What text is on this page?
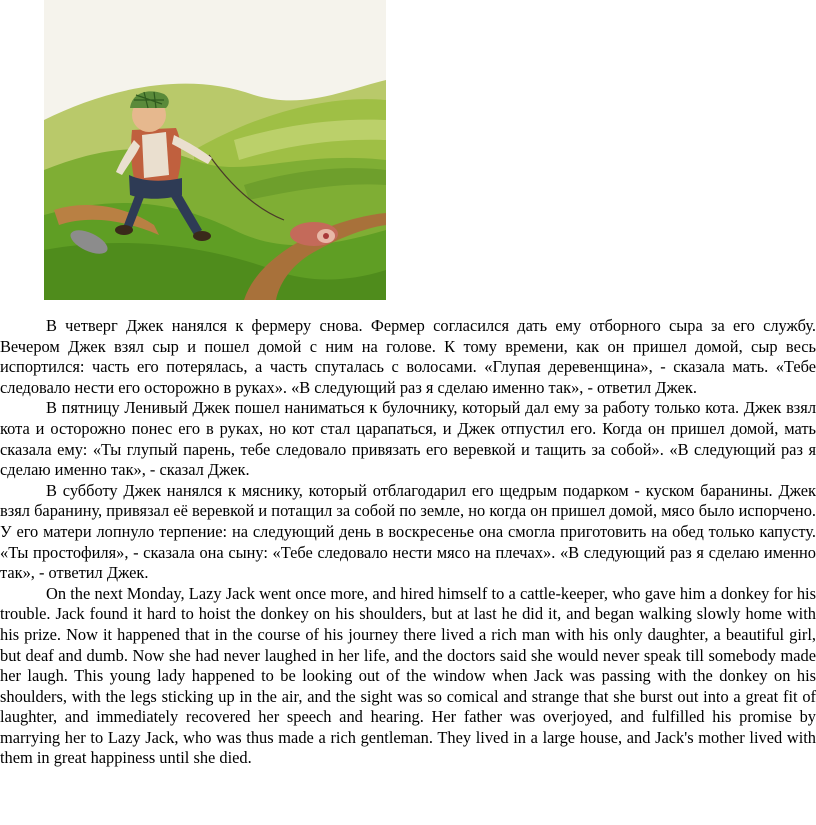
В четверг Джек нанялся к фермеру снова. Фермер согласился дать ему отборного сыра за его службу. Вечером Джек взял сыр и пошел домой с ним на голове. К тому времени, как он пришел домой, сыр весь испортился: часть его потерялась, а часть спуталась с волосами. «Глупая деревенщина», - сказала мать. «Тебе следовало нести его осторожно в руках». «В следующий раз я сделаю именно так», - ответил Джек.

В пятницу Ленивый Джек пошел наниматься к булочнику, который дал ему за работу только кота. Джек взял кота и осторожно понес его в руках, но кот стал царапаться, и Джек отпустил его. Когда он пришел домой, мать сказала ему: «Ты глупый парень, тебе следовало привязать его веревкой и тащить за собой». «В следующий раз я сделаю именно так», - сказал Джек.

В субботу Джек нанялся к мяснику, который отблагодарил его щедрым подарком - куском баранины. Джек взял баранину, привязал её веревкой и потащил за собой по земле, но когда он пришел домой, мясо было испорчено. У его матери лопнуло терпение: на следующий день в воскресенье она смогла приготовить на обед только капусту. «Ты простофиля», - сказала она сыну: «Тебе следовало нести мясо на плечах». «В следующий раз я сделаю именно так», - ответил Джек.

On the next Monday, Lazy Jack went once more, and hired himself to a cattle-keeper, who gave him a donkey for his trouble. Jack found it hard to hoist the donkey on his shoulders, but at last he did it, and began walking slowly home with his prize. Now it happened that in the course of his journey there lived a rich man with his only daughter, a beautiful girl, but deaf and dumb. Now she had never laughed in her life, and the doctors said she would never speak till somebody made her laugh. This young lady happened to be looking out of the window when Jack was passing with the donkey on his shoulders, with the legs sticking up in the air, and the sight was so comical and strange that she burst out into a great fit of laughter, and immediately recovered her speech and hearing. Her father was overjoyed, and fulfilled his promise by marrying her to Lazy Jack, who was thus made a rich gentleman. They lived in a large house, and Jack's mother lived with them in great happiness until she died.
